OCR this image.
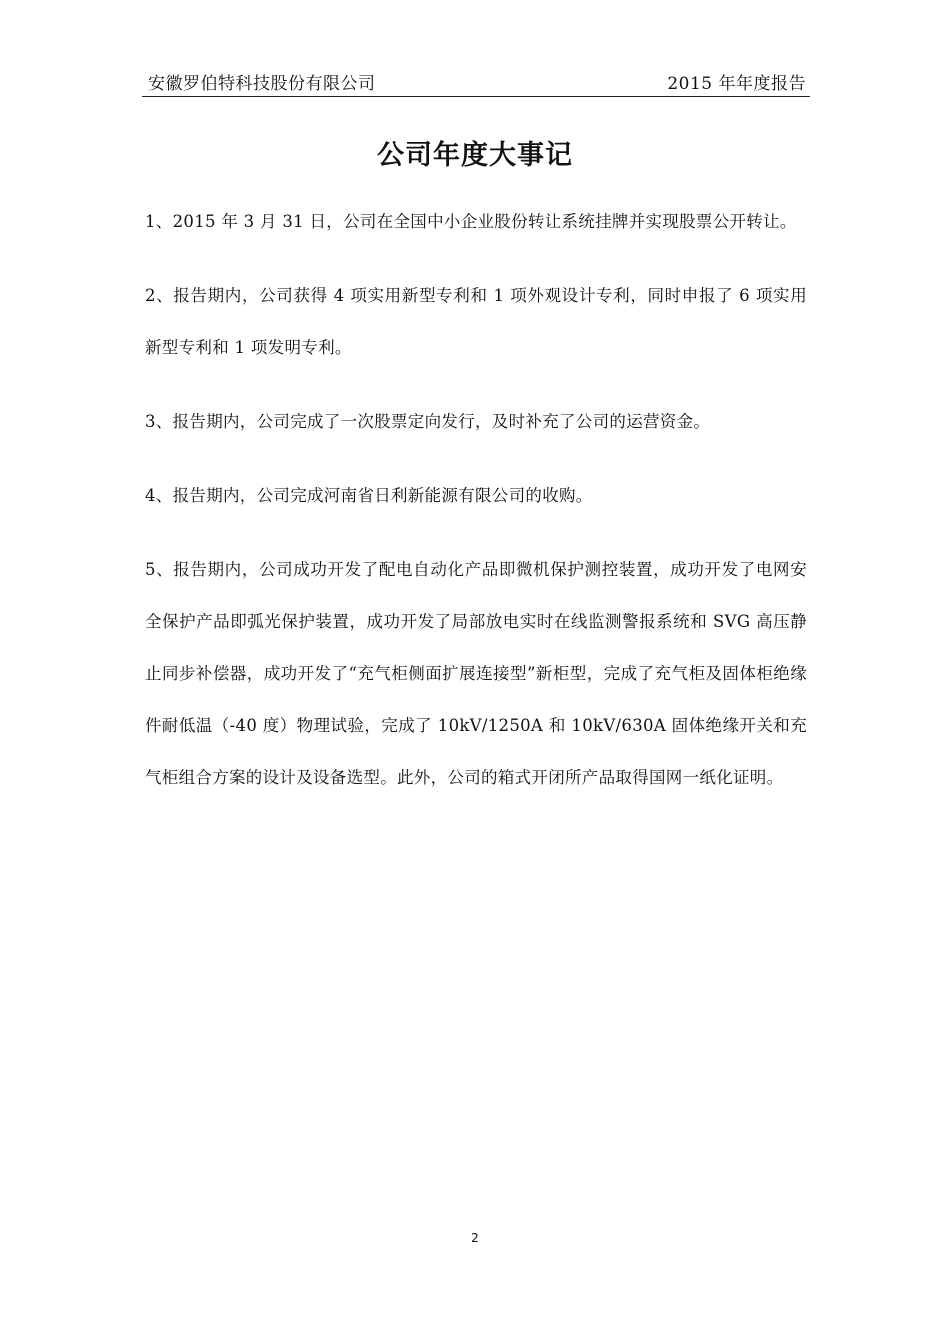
安徽罗伯特科技股份有限公司	2015 年年度报告
公司年度大事记

1、2015 年 3 月 31 日，公司在全国中小企业股份转让系统挂牌并实现股票公开转让。

2、报告期内，公司获得 4 项实用新型专利和 1 项外观设计专利，同时申报了 6 项实用新型专利和 1 项发明专利。

3、报告期内，公司完成了一次股票定向发行，及时补充了公司的运营资金。

4、报告期内，公司完成河南省日利新能源有限公司的收购。

5、报告期内，公司成功开发了配电自动化产品即微机保护测控装置，成功开发了电网安全保护产品即弧光保护装置，成功开发了局部放电实时在线监测警报系统和 SVG 高压静止同步补偿器，成功开发了“充气柜侧面扩展连接型”新柜型，完成了充气柜及固体柜绝缘件耐低温（-40 度）物理试验，完成了 10kV/1250A 和 10kV/630A 固体绝缘开关和充气柜组合方案的设计及设备选型。此外，公司的箱式开闭所产品取得国网一纸化证明。

2
